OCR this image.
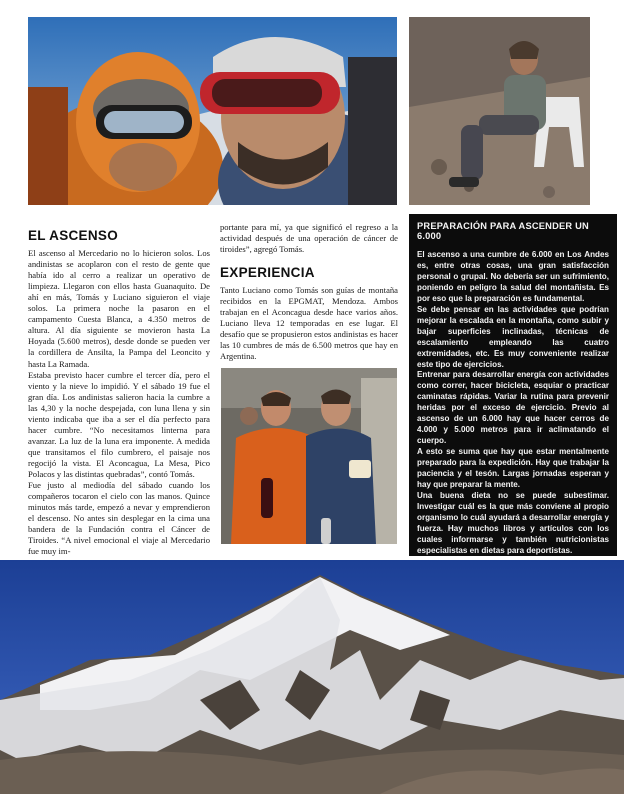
EL ASCENSO

El ascenso al Mercedario no lo hicieron solos. Los andinistas se acoplaron con el resto de gente que había ido al cerro a realizar un operativo de limpieza. Llegaron con ellos hasta Guanaquito. De ahí en más, Tomás y Luciano siguieron el viaje solos. La primera noche la pasaron en el campamento Cuesta Blanca, a 4.350 metros de altura. Al día siguiente se movieron hasta La Hoyada (5.600 metros), desde donde se pueden ver la cordillera de Ansilta, la Pampa del Leoncito y hasta La Ramada.

Estaba previsto hacer cumbre el tercer día, pero el viento y la nieve lo impidió. Y el sábado 19 fue el gran día. Los andinistas salieron hacia la cumbre a las 4,30 y la noche despejada, con luna llena y sin viento indicaba que iba a ser el día perfecto para hacer cumbre. “No necesitamos linterna para avanzar. La luz de la luna era imponente. A medida que transitamos el filo cumbrero, el paisaje nos regocijó la vista. El Aconcagua, La Mesa, Pico Polacos y las distintas quebradas”, contó Tomás.

Fue justo al mediodía del sábado cuando los compañeros tocaron el cielo con las manos. Quince minutos más tarde, empezó a nevar y emprendieron el descenso. No antes sin desplegar en la cima una bandera de la Fundación contra el Cáncer de Tiroides. “A nivel emocional el viaje al Mercedario fue muy im-

portante para mí, ya que significó el regreso a la actividad después de una operación de cáncer de tiroides”, agregó Tomás.

EXPERIENCIA

Tanto Luciano como Tomás son guías de montaña recibidos en la EPGMAT, Mendoza. Ambos trabajan en el Aconcagua desde hace varios años. Luciano lleva 12 temporadas en ese lugar. El desafío que se propusieron estos andinistas es hacer las 10 cumbres de más de 6.500 metros que hay en Argentina.

PREPARACIÓN PARA ASCENDER UN 6.000

El ascenso a una cumbre de 6.000 en Los Andes es, entre otras cosas, una gran satisfacción personal o grupal. No debería ser un sufrimiento, poniendo en peligro la salud del montañista. Es por eso que la preparación es fundamental.

Se debe pensar en las actividades que podrían mejorar la escalada en la montaña, como subir y bajar superficies inclinadas, técnicas de escalamiento empleando las cuatro extremidades, etc. Es muy conveniente realizar este tipo de ejercicios.

Entrenar para desarrollar energía con actividades como correr, hacer bicicleta, esquiar o practicar caminatas rápidas. Variar la rutina para prevenir heridas por el exceso de ejercicio. Previo al ascenso de un 6.000 hay que hacer cerros de 4.000 y 5.000 metros para ir aclimatando el cuerpo.

A esto se suma que hay que estar mentalmente preparado para la expedición. Hay que trabajar la paciencia y el tesón. Largas jornadas esperan y hay que preparar la mente.

Una buena dieta no se puede subestimar. Investigar cuál es la que más conviene al propio organismo lo cuál ayudará a desarrollar energía y fuerza. Hay muchos libros y artículos con los cuales informarse y también nutricionistas especialistas en dietas para deportistas.
